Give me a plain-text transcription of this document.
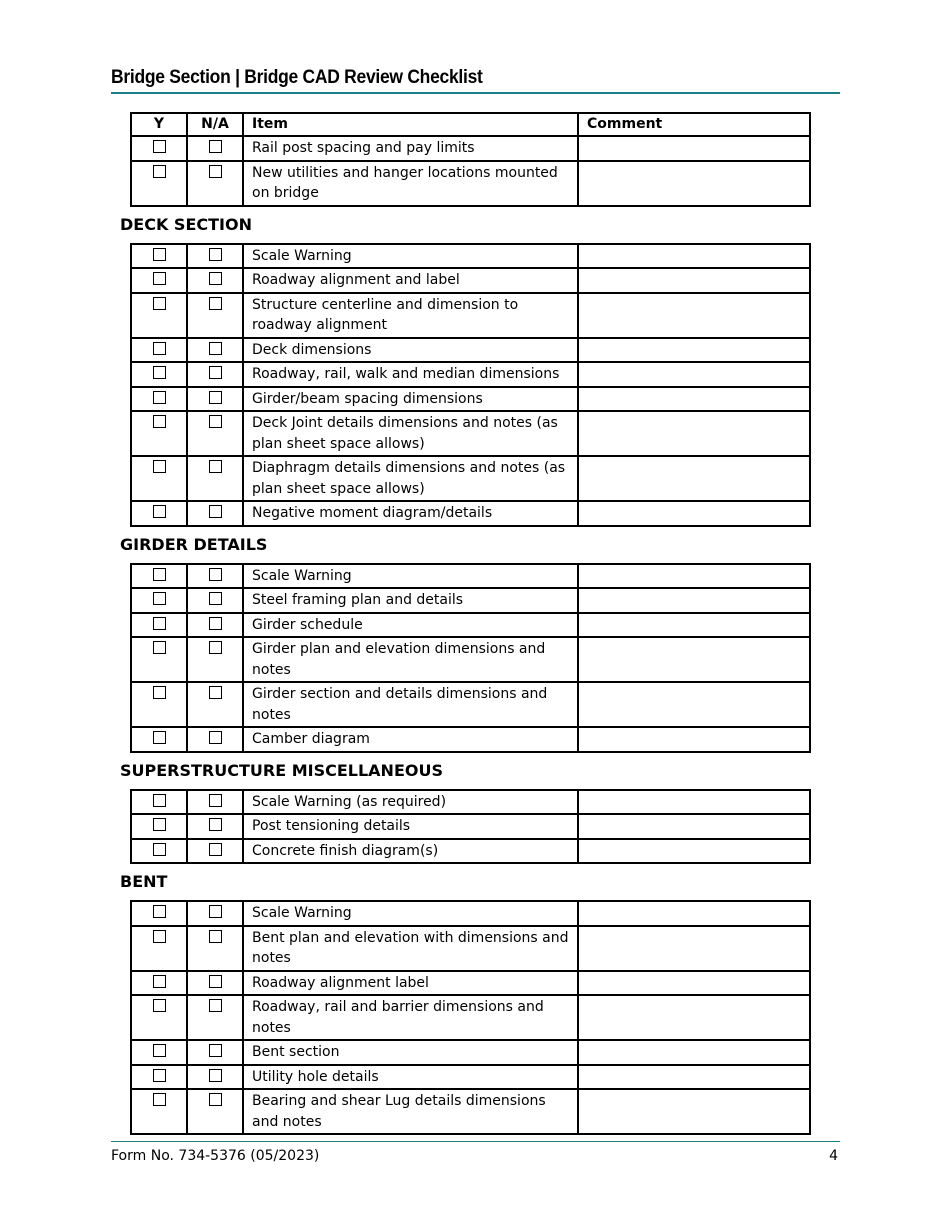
Bridge Section | Bridge CAD Review Checklist
Y	N/A	Item	Comment

		Rail post spacing and pay limits	

		New utilities and hanger locations mounted on bridge	

DECK SECTION

		Scale Warning	

		Roadway alignment and label	

		Structure centerline and dimension to roadway alignment	

		Deck dimensions	

		Roadway, rail, walk and median dimensions	

		Girder/beam spacing dimensions	

		Deck Joint details dimensions and notes (as plan sheet space allows)	

		Diaphragm details dimensions and notes (as plan sheet space allows)	

		Negative moment diagram/details	

GIRDER DETAILS

		Scale Warning	

		Steel framing plan and details	

		Girder schedule	

		Girder plan and elevation dimensions and notes	

		Girder section and details dimensions and notes	

		Camber diagram	

SUPERSTRUCTURE MISCELLANEOUS

		Scale Warning (as required)	

		Post tensioning details	

		Concrete finish diagram(s)	

BENT

		Scale Warning	

		Bent plan and elevation with dimensions and notes	

		Roadway alignment label	

		Roadway, rail and barrier dimensions and notes	

		Bent section	

		Utility hole details	

		Bearing and shear Lug details dimensions and notes	

Form No. 734-5376 (05/2023)	4
